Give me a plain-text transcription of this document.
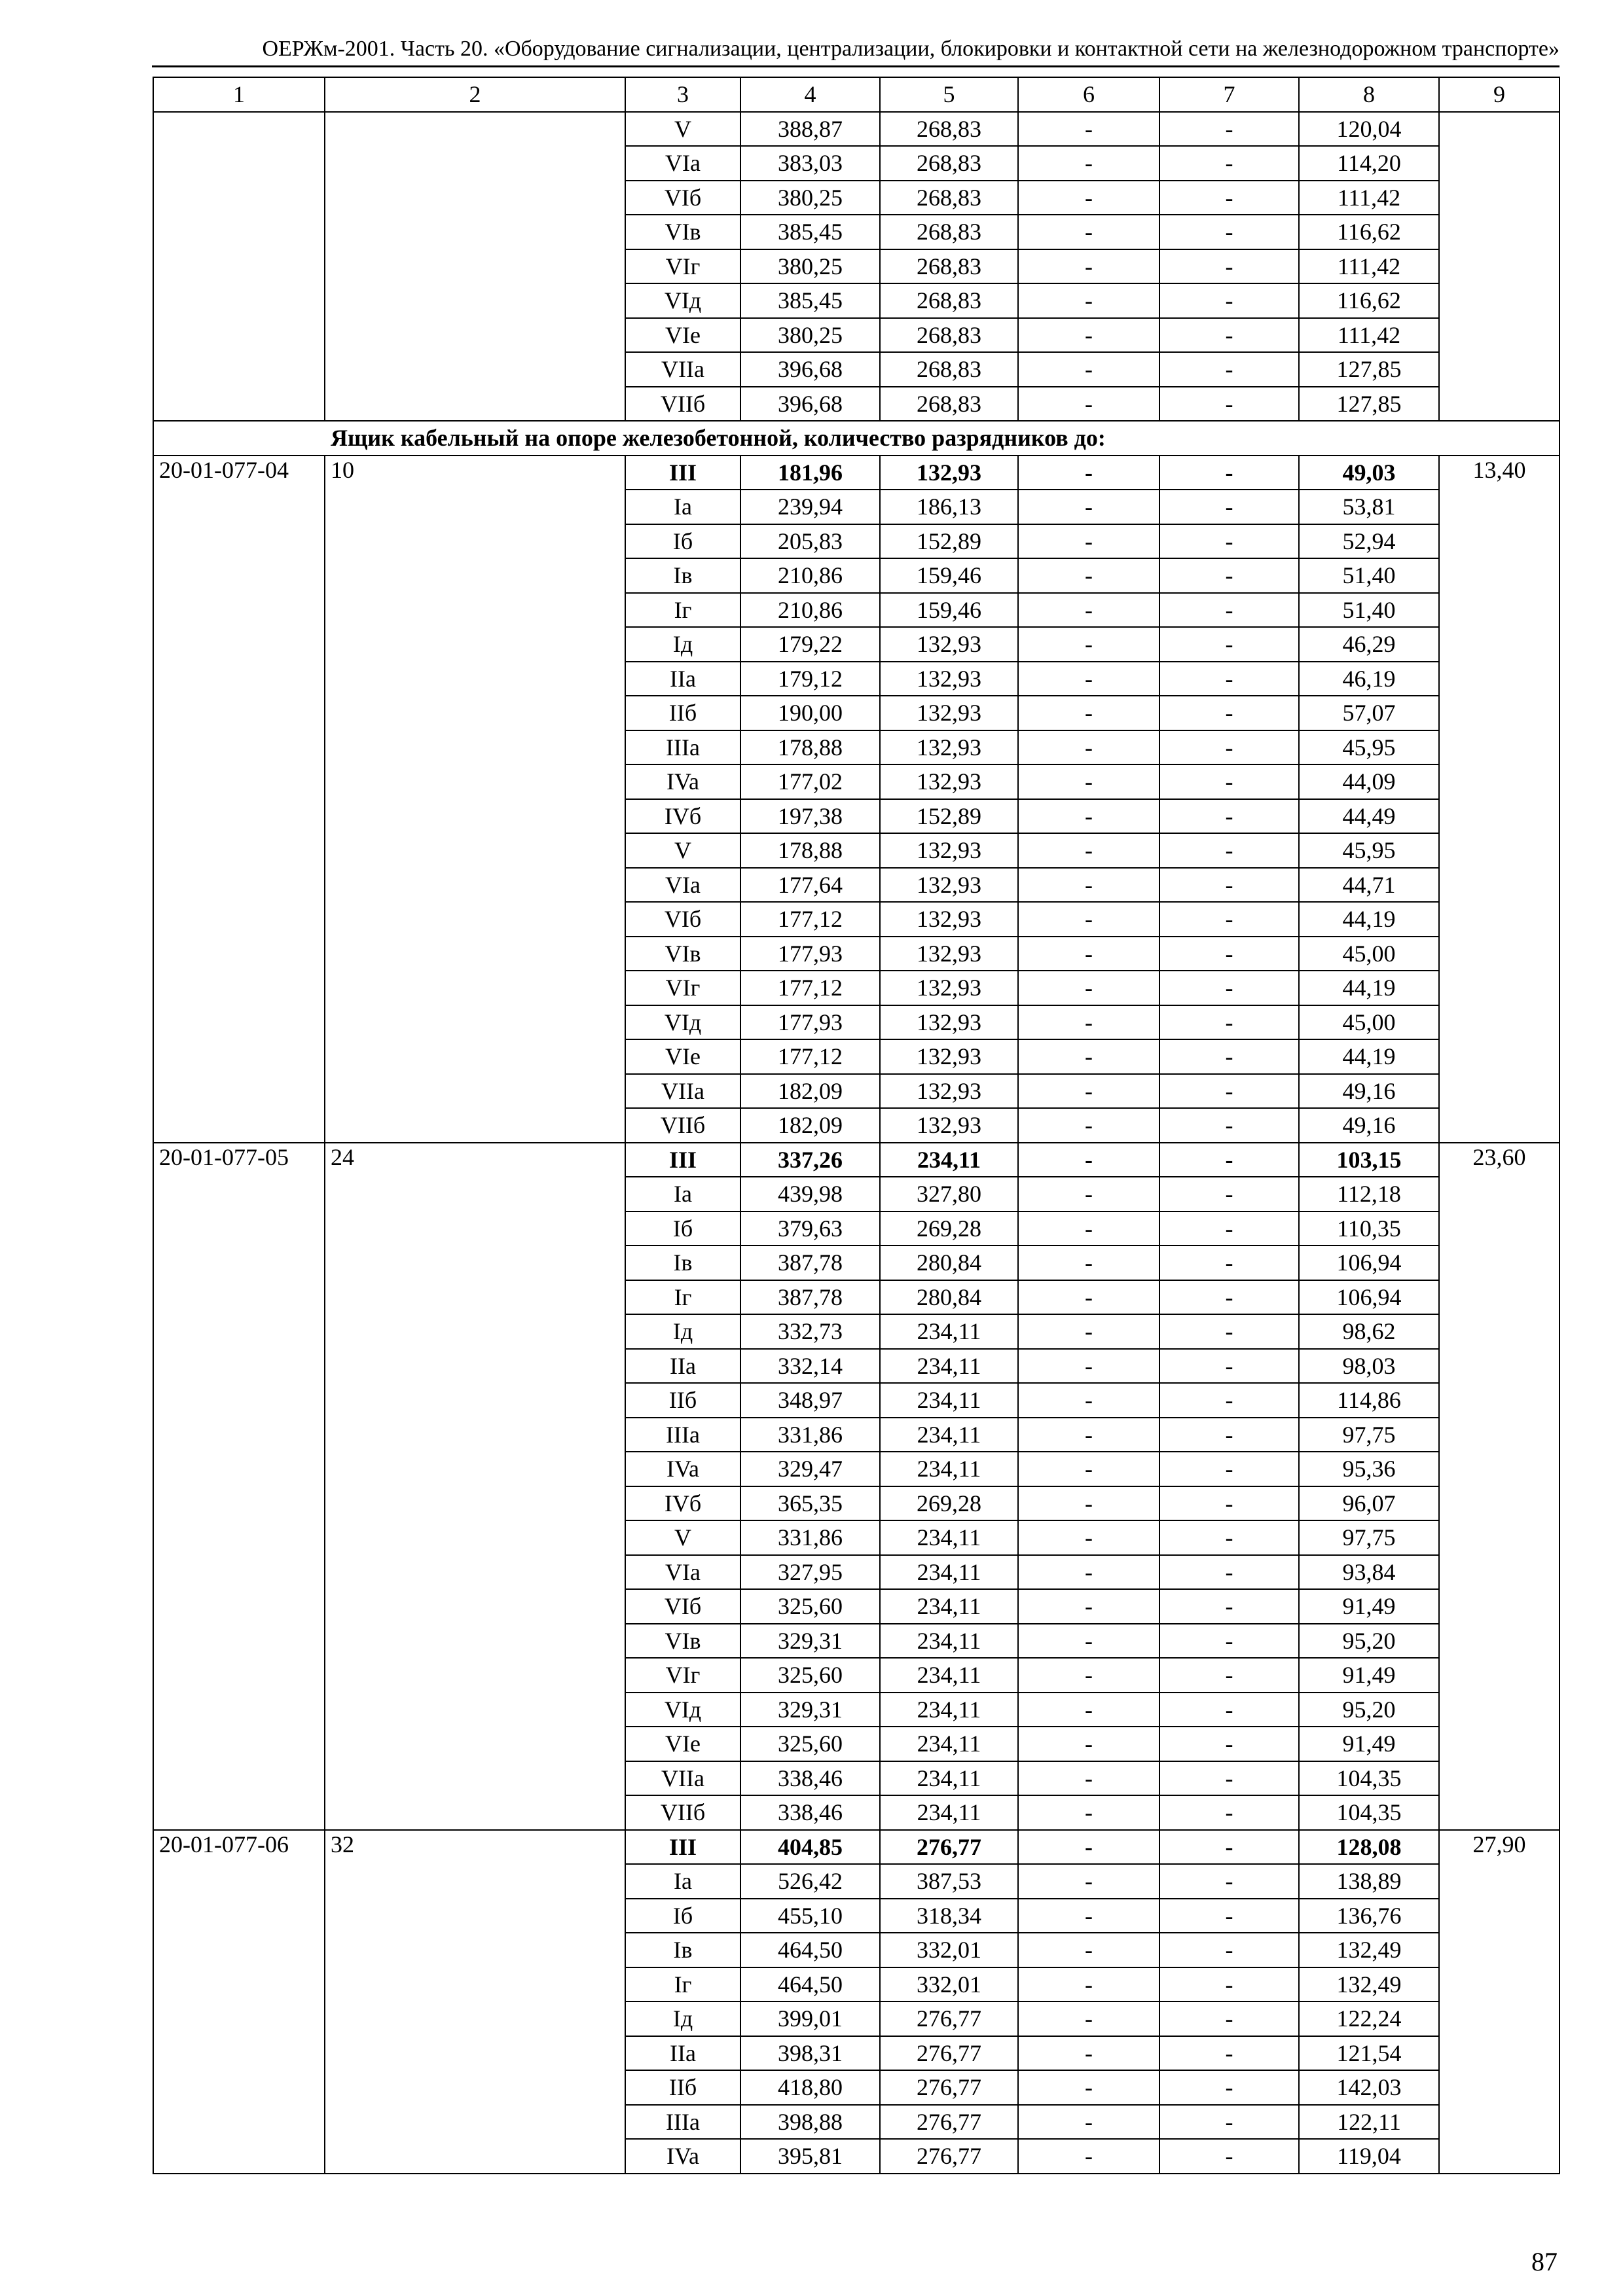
ОЕРЖм-2001. Часть 20. «Оборудование сигнализации, централизации, блокировки и контактной сети на железнодорожном транспорте»
1	2	3	4	5	6	7	8	9
		V	388,87	268,83	-	-	120,04	
		VIa	383,03	268,83	-	-	114,20	
		VIб	380,25	268,83	-	-	111,42	
		VIв	385,45	268,83	-	-	116,62	
		VIг	380,25	268,83	-	-	111,42	
		VIд	385,45	268,83	-	-	116,62	
		VIе	380,25	268,83	-	-	111,42	
		VIIa	396,68	268,83	-	-	127,85	
		VIIб	396,68	268,83	-	-	127,85	
Ящик кабельный на опоре железобетонной, количество разрядников до:								
20-01-077-04	10	III	181,96	132,93	-	-	49,03	13,40
		Ia	239,94	186,13	-	-	53,81	
		Iб	205,83	152,89	-	-	52,94	
		Iв	210,86	159,46	-	-	51,40	
		Iг	210,86	159,46	-	-	51,40	
		Iд	179,22	132,93	-	-	46,29	
		IIa	179,12	132,93	-	-	46,19	
		IIб	190,00	132,93	-	-	57,07	
		IIIa	178,88	132,93	-	-	45,95	
		IVa	177,02	132,93	-	-	44,09	
		IVб	197,38	152,89	-	-	44,49	
		V	178,88	132,93	-	-	45,95	
		VIa	177,64	132,93	-	-	44,71	
		VIб	177,12	132,93	-	-	44,19	
		VIв	177,93	132,93	-	-	45,00	
		VIг	177,12	132,93	-	-	44,19	
		VIд	177,93	132,93	-	-	45,00	
		VIе	177,12	132,93	-	-	44,19	
		VIIa	182,09	132,93	-	-	49,16	
		VIIб	182,09	132,93	-	-	49,16	
20-01-077-05	24	III	337,26	234,11	-	-	103,15	23,60
		Ia	439,98	327,80	-	-	112,18	
		Iб	379,63	269,28	-	-	110,35	
		Iв	387,78	280,84	-	-	106,94	
		Iг	387,78	280,84	-	-	106,94	
		Iд	332,73	234,11	-	-	98,62	
		IIa	332,14	234,11	-	-	98,03	
		IIб	348,97	234,11	-	-	114,86	
		IIIa	331,86	234,11	-	-	97,75	
		IVa	329,47	234,11	-	-	95,36	
		IVб	365,35	269,28	-	-	96,07	
		V	331,86	234,11	-	-	97,75	
		VIa	327,95	234,11	-	-	93,84	
		VIб	325,60	234,11	-	-	91,49	
		VIв	329,31	234,11	-	-	95,20	
		VIг	325,60	234,11	-	-	91,49	
		VIд	329,31	234,11	-	-	95,20	
		VIе	325,60	234,11	-	-	91,49	
		VIIa	338,46	234,11	-	-	104,35	
		VIIб	338,46	234,11	-	-	104,35	
20-01-077-06	32	III	404,85	276,77	-	-	128,08	27,90
		Ia	526,42	387,53	-	-	138,89	
		Iб	455,10	318,34	-	-	136,76	
		Iв	464,50	332,01	-	-	132,49	
		Iг	464,50	332,01	-	-	132,49	
		Iд	399,01	276,77	-	-	122,24	
		IIa	398,31	276,77	-	-	121,54	
		IIб	418,80	276,77	-	-	142,03	
		IIIa	398,88	276,77	-	-	122,11	
		IVa	395,81	276,77	-	-	119,04	
87
